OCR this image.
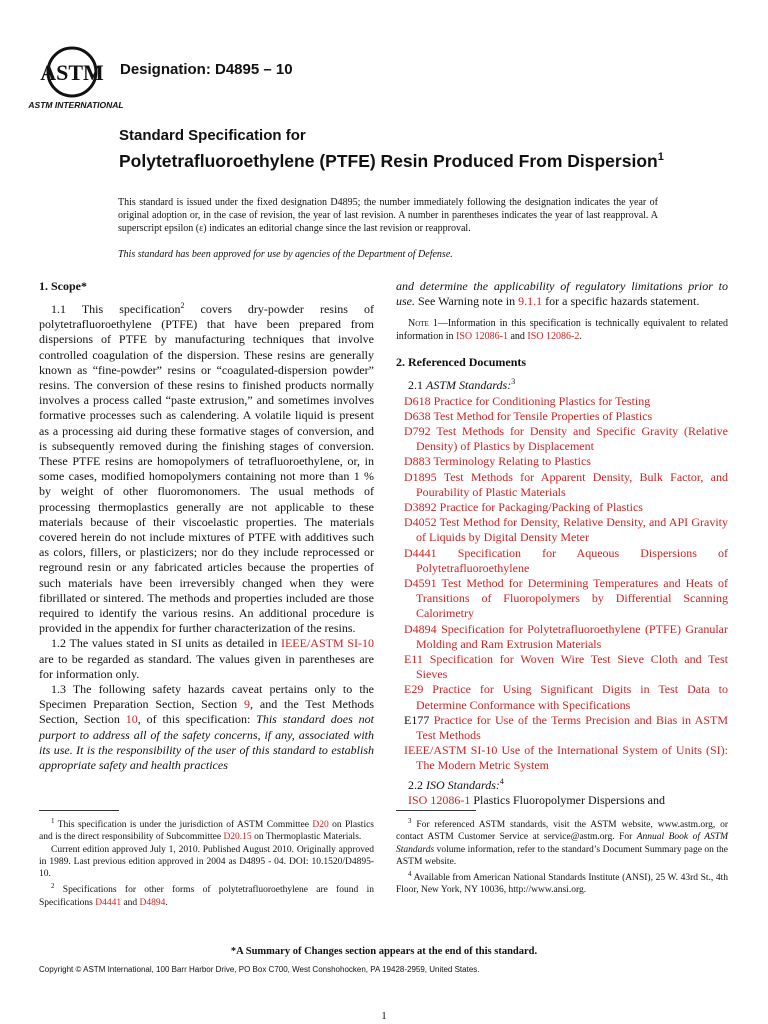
ASTM
ASTM INTERNATIONAL
Designation: D4895 – 10
Standard Specification for
Polytetrafluoroethylene (PTFE) Resin Produced From Dispersion$^1$
This standard is issued under the fixed designation D4895; the number immediately following the designation indicates the year of original adoption or, in the case of revision, the year of last revision. A number in parentheses indicates the year of last reapproval. A superscript epsilon (ε) indicates an editorial change since the last revision or reapproval.
This standard has been approved for use by agencies of the Department of Defense.
1. Scope*

1.1 This specification$^2$ covers dry-powder resins of polytetrafluoroethylene (PTFE) that have been prepared from dispersions of PTFE by manufacturing techniques that involve controlled coagulation of the dispersion. These resins are generally known as “fine-powder” resins or “coagulated-dispersion powder” resins. The conversion of these resins to finished products normally involves a process called “paste extrusion,” and sometimes involves formative processes such as calendering. A volatile liquid is present as a processing aid during these formative stages of conversion, and is subsequently removed during the finishing stages of conversion. These PTFE resins are homopolymers of tetrafluoroethylene, or, in some cases, modified homopolymers containing not more than 1 % by weight of other fluoromonomers. The usual methods of processing thermoplastics generally are not applicable to these materials because of their viscoelastic properties. The materials covered herein do not include mixtures of PTFE with additives such as colors, fillers, or plasticizers; nor do they include reprocessed or reground resin or any fabricated articles because the properties of such materials have been irreversibly changed when they were fibrillated or sintered. The methods and properties included are those required to identify the various resins. An additional procedure is provided in the appendix for further characterization of the resins.

1.2 The values stated in SI units as detailed in IEEE/ASTM SI-10 are to be regarded as standard. The values given in parentheses are for information only.

1.3 The following safety hazards caveat pertains only to the Specimen Preparation Section, Section 9, and the Test Methods Section, Section 10, of this specification: This standard does not purport to address all of the safety concerns, if any, associated with its use. It is the responsibility of the user of this standard to establish appropriate safety and health practices

and determine the applicability of regulatory limitations prior to use. See Warning note in 9.1.1 for a specific hazards statement.

Note 1—Information in this specification is technically equivalent to related information in ISO 12086-1 and ISO 12086-2.

2. Referenced Documents

2.1 ASTM Standards:$^3$

D618 Practice for Conditioning Plastics for Testing

D638 Test Method for Tensile Properties of Plastics

D792 Test Methods for Density and Specific Gravity (Relative Density) of Plastics by Displacement

D883 Terminology Relating to Plastics

D1895 Test Methods for Apparent Density, Bulk Factor, and Pourability of Plastic Materials

D3892 Practice for Packaging/Packing of Plastics

D4052 Test Method for Density, Relative Density, and API Gravity of Liquids by Digital Density Meter

D4441 Specification for Aqueous Dispersions of Polytetrafluoroethylene

D4591 Test Method for Determining Temperatures and Heats of Transitions of Fluoropolymers by Differential Scanning Calorimetry

D4894 Specification for Polytetrafluoroethylene (PTFE) Granular Molding and Ram Extrusion Materials

E11 Specification for Woven Wire Test Sieve Cloth and Test Sieves

E29 Practice for Using Significant Digits in Test Data to Determine Conformance with Specifications

E177 Practice for Use of the Terms Precision and Bias in ASTM Test Methods

IEEE/ASTM SI-10 Use of the International System of Units (SI): The Modern Metric System

2.2 ISO Standards:$^4$

ISO 12086-1 Plastics Fluoropolymer Dispersions and

$^1$ This specification is under the jurisdiction of ASTM Committee D20 on Plastics and is the direct responsibility of Subcommittee D20.15 on Thermoplastic Materials.

Current edition approved July 1, 2010. Published August 2010. Originally approved in 1989. Last previous edition approved in 2004 as D4895 - 04. DOI: 10.1520/D4895-10.

$^2$ Specifications for other forms of polytetrafluoroethylene are found in Specifications D4441 and D4894.

$^3$ For referenced ASTM standards, visit the ASTM website, www.astm.org, or contact ASTM Customer Service at service@astm.org. For Annual Book of ASTM Standards volume information, refer to the standard’s Document Summary page on the ASTM website.

$^4$ Available from American National Standards Institute (ANSI), 25 W. 43rd St., 4th Floor, New York, NY 10036, http://www.ansi.org.

*A Summary of Changes section appears at the end of this standard.
Copyright © ASTM International, 100 Barr Harbor Drive, PO Box C700, West Conshohocken, PA 19428-2959, United States.
1
